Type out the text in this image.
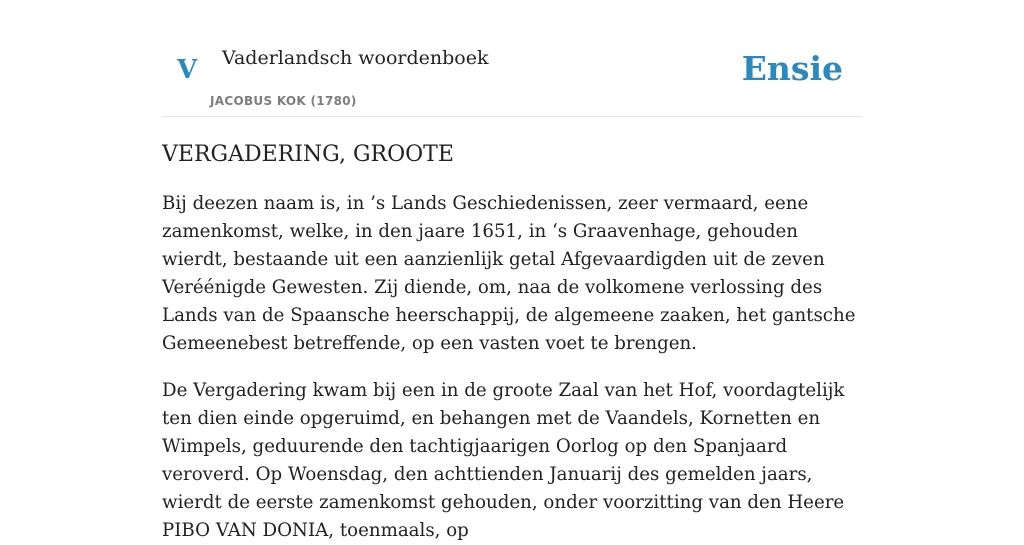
V Vaderlandsch woordenboek
JACOBUS KOK (1780)
Ensie
VERGADERING, GROOTE

Bij deezen naam is, in ’s Lands Geschiedenissen, zeer vermaard, eene zamenkomst, welke, in den jaare 1651, in ‘s Graavenhage, gehouden wierdt, bestaande uit een aanzienlijk getal Afgevaardigden uit de zeven Veréénigde Gewesten. Zij diende, om, naa de volkomene verlossing des Lands van de Spaansche heerschappij, de algemeene zaaken, het gantsche Gemeenebest betreffende, op een vasten voet te brengen.

De Vergadering kwam bij een in de groote Zaal van het Hof, voordagtelijk ten dien einde opgeruimd, en behangen met de Vaandels, Kornetten en Wimpels, geduurende den tachtigjaarigen Oorlog op den Spanjaard veroverd. Op Woensdag, den achttienden Januarij des gemelden jaars, wierdt de eerste zamenkomst gehouden, onder voorzitting van den Heere PIBO VAN DONIA, toenmaals, op
